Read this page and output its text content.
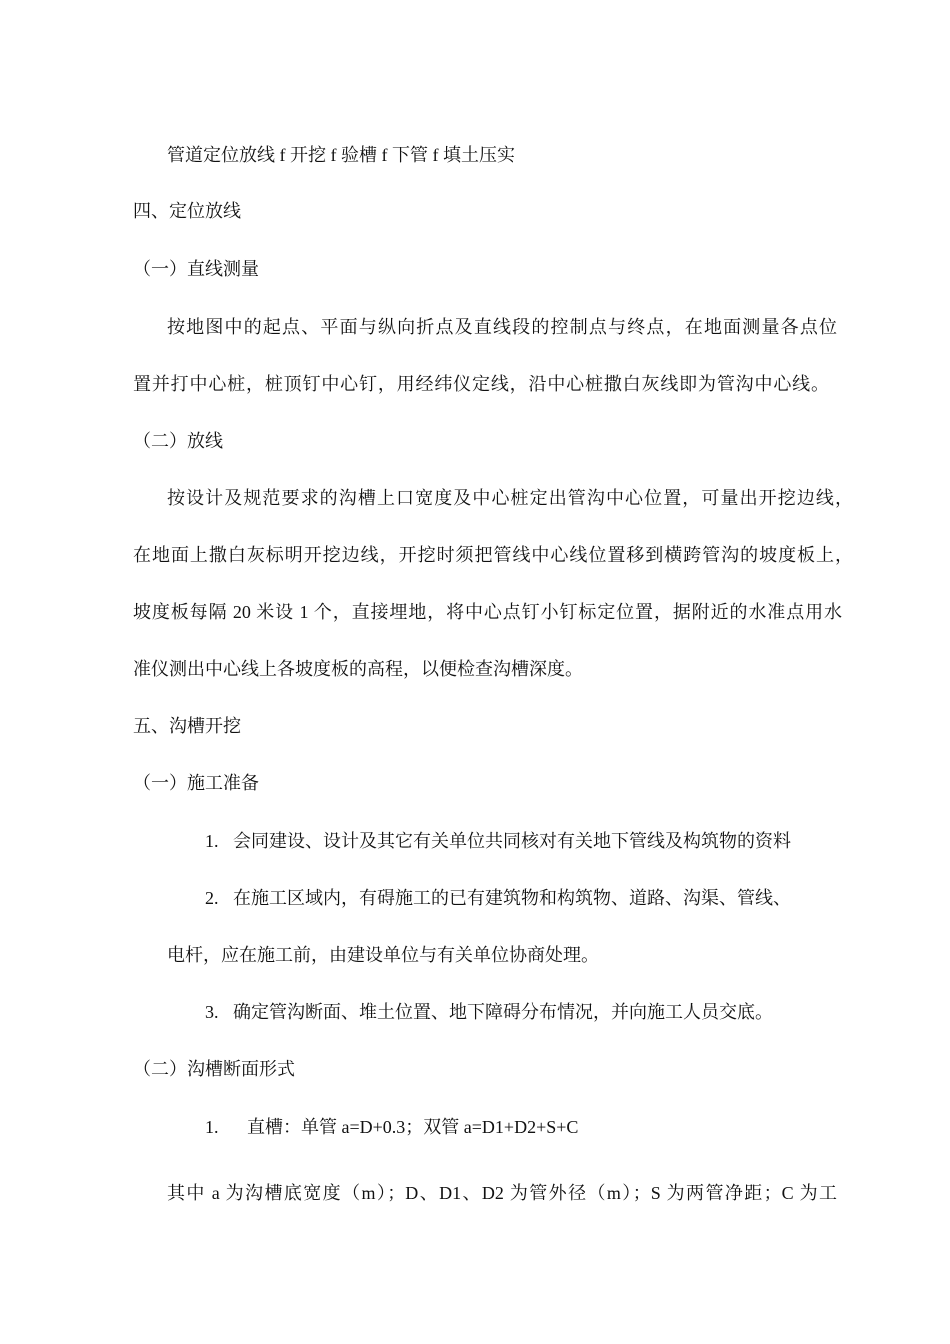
管道定位放线 f 开挖 f 验槽 f 下管 f 填土压实
四、定位放线
（一）直线测量
按地图中的起点、平面与纵向折点及直线段的控制点与终点，在地面测量各点位
置并打中心桩，桩顶钉中心钉，用经纬仪定线，沿中心桩撒白灰线即为管沟中心线。
（二）放线
按设计及规范要求的沟槽上口宽度及中心桩定出管沟中心位置，可量出开挖边线，
在地面上撒白灰标明开挖边线，开挖时须把管线中心线位置移到横跨管沟的坡度板上，
坡度板每隔 20 米设 1 个，直接埋地，将中心点钉小钉标定位置，据附近的水准点用水
准仪测出中心线上各坡度板的高程，以便检查沟槽深度。
五、沟槽开挖
（一）施工准备
1. 会同建设、设计及其它有关单位共同核对有关地下管线及构筑物的资料
2. 在施工区域内，有碍施工的已有建筑物和构筑物、道路、沟渠、管线、
电杆，应在施工前，由建设单位与有关单位协商处理。
3. 确定管沟断面、堆土位置、地下障碍分布情况，并向施工人员交底。
（二）沟槽断面形式
1. 直槽：单管 a=D+0.3；双管 a=D1+D2+S+C
其中 a 为沟槽底宽度（m）；D、D1、D2 为管外径（m）；S 为两管净距；C 为工
